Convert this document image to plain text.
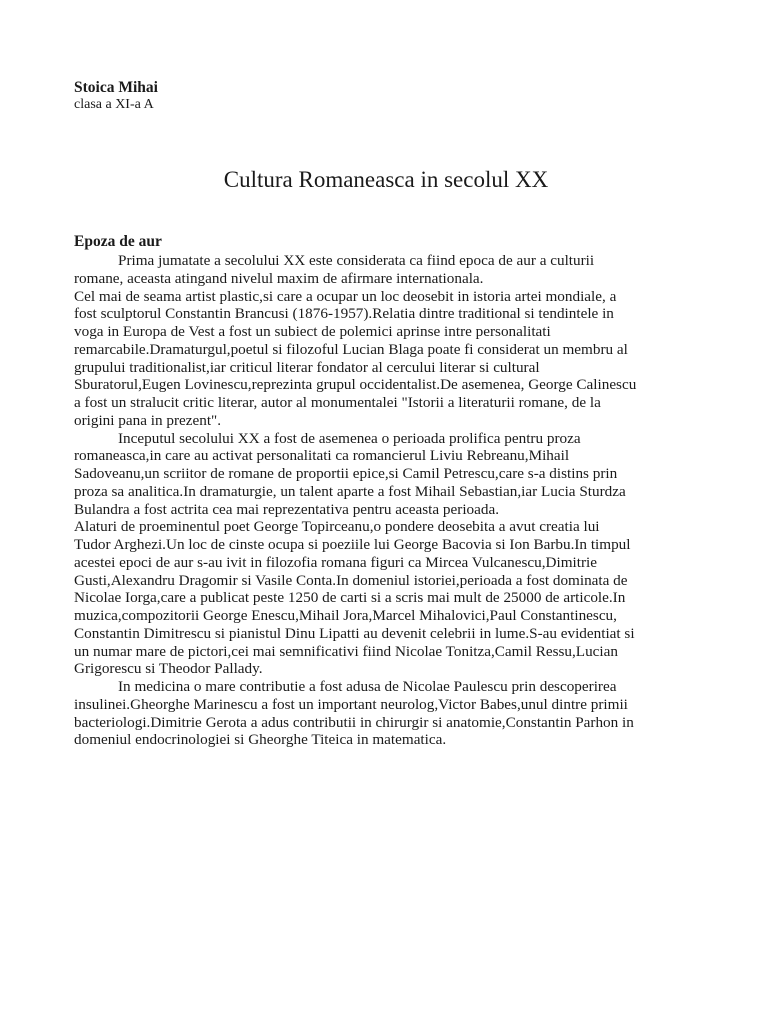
Stoica Mihai
clasa a XI-a A
Cultura Romaneasca in secolul XX
Epoza de aur
Prima jumatate a secolului XX este considerata ca fiind epoca de aur a culturii
romane, aceasta atingand nivelul maxim de afirmare internationala.
Cel mai de seama artist plastic,si care a ocupar un loc deosebit in istoria artei mondiale, a
fost sculptorul Constantin Brancusi (1876-1957).Relatia dintre traditional si tendintele in
voga in Europa de Vest a fost un subiect de polemici aprinse intre personalitati
remarcabile.Dramaturgul,poetul si filozoful Lucian Blaga poate fi considerat un membru al
grupului traditionalist,iar criticul literar fondator al cercului literar si cultural
Sburatorul,Eugen Lovinescu,reprezinta grupul occidentalist.De asemenea, George Calinescu
a fost un stralucit critic literar, autor al monumentalei "Istorii a literaturii romane, de la
origini pana in prezent".
Inceputul secolului XX a fost de asemenea o perioada prolifica pentru proza
romaneasca,in care au activat personalitati ca romancierul Liviu Rebreanu,Mihail
Sadoveanu,un scriitor de romane de proportii epice,si Camil Petrescu,care s-a distins prin
proza sa analitica.In dramaturgie, un talent aparte a fost Mihail Sebastian,iar Lucia Sturdza
Bulandra a fost actrita cea mai reprezentativa pentru aceasta perioada.
Alaturi de proeminentul poet George Topirceanu,o pondere deosebita a avut creatia lui
Tudor Arghezi.Un loc de cinste ocupa si poeziile lui George Bacovia si Ion Barbu.In timpul
acestei epoci de aur s-au ivit in filozofia romana figuri ca Mircea Vulcanescu,Dimitrie
Gusti,Alexandru Dragomir si Vasile Conta.In domeniul istoriei,perioada a fost dominata de
Nicolae Iorga,care a publicat peste 1250 de carti si a scris mai mult de 25000 de articole.In
muzica,compozitorii George Enescu,Mihail Jora,Marcel Mihalovici,Paul Constantinescu,
Constantin Dimitrescu si pianistul Dinu Lipatti au devenit celebrii in lume.S-au evidentiat si
un numar mare de pictori,cei mai semnificativi fiind Nicolae Tonitza,Camil Ressu,Lucian
Grigorescu si Theodor Pallady.
In medicina o mare contributie a fost adusa de Nicolae Paulescu prin descoperirea
insulinei.Gheorghe Marinescu a fost un important neurolog,Victor Babes,unul dintre primii
bacteriologi.Dimitrie Gerota a adus contributii in chirurgir si anatomie,Constantin Parhon in
domeniul endocrinologiei si Gheorghe Titeica in matematica.
